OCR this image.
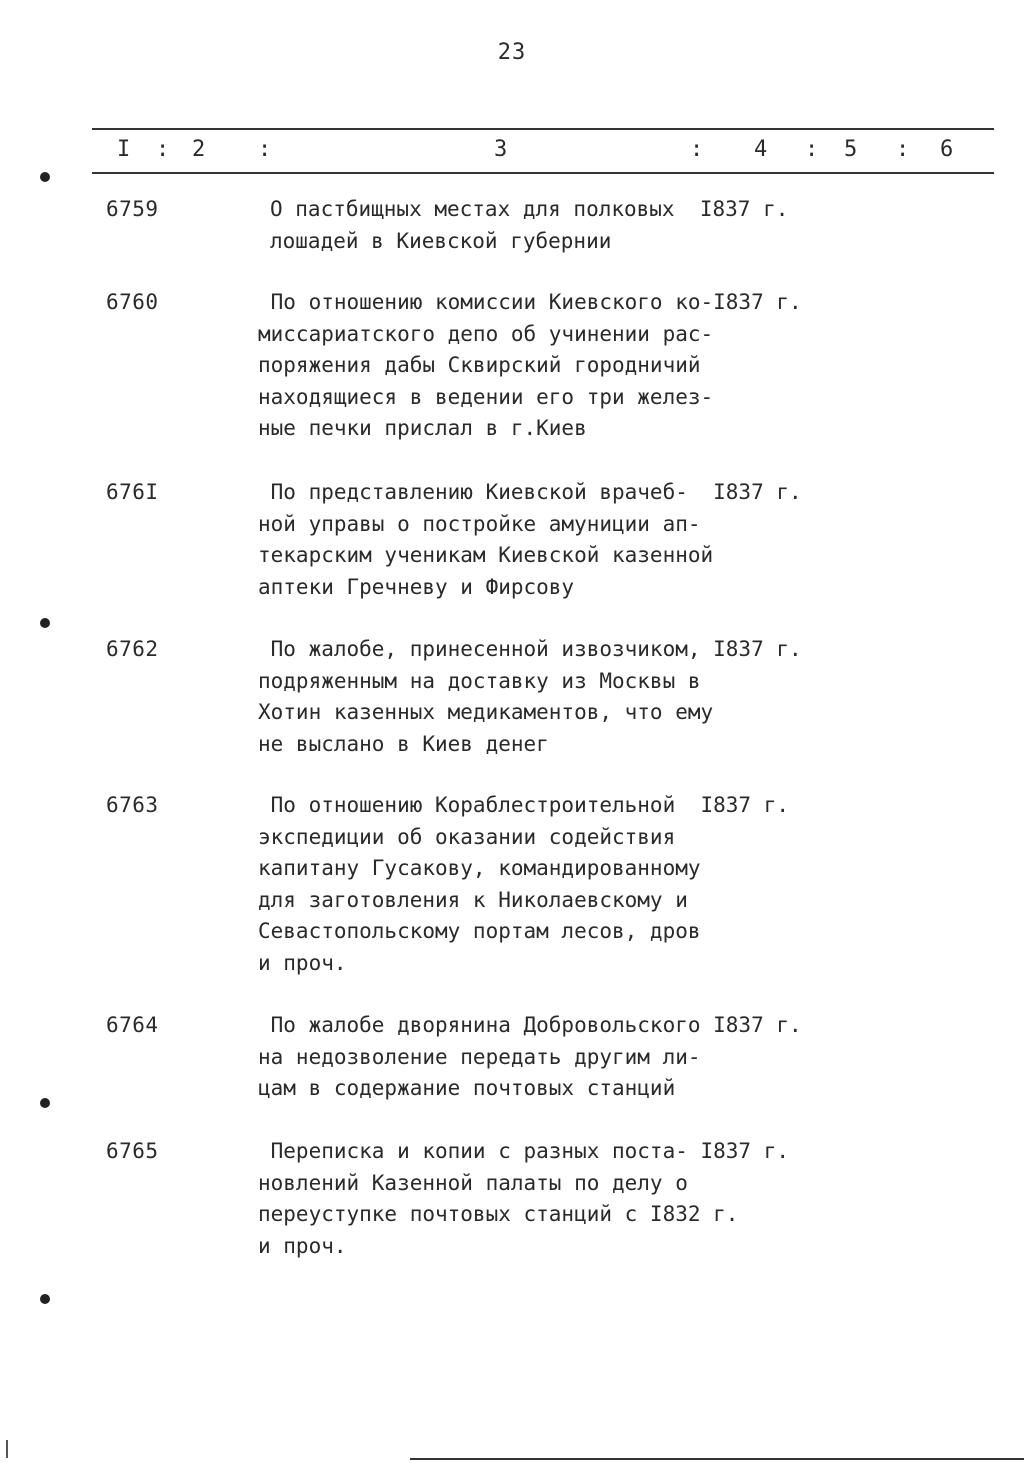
23
I : 2 :	3	: 4 : 5 : 6
6759	О пастбищных местах для полковых  I837 г.
лошадей в Киевской губернии
6760	По отношению комиссии Киевского ко-I837 г.
миссариатского депо об учинении рас-
поряжения дабы Сквирский городничий
находящиеся в ведении его три желез-
ные печки прислал в г.Киев
676I	По представлению Киевской врачеб-  I837 г.
ной управы о постройке амуниции ап-
текарским ученикам Киевской казенной
аптеки Гречневу и Фирсову
6762	По жалобе, принесенной извозчиком, I837 г.
подряженным на доставку из Москвы в
Хотин казенных медикаментов, что ему
не выслано в Киев денег
6763	По отношению Кораблестроительной  I837 г.
экспедиции об оказании содействия
капитану Гусакову, командированному
для заготовления к Николаевскому и
Севастопольскому портам лесов, дров
и проч.
6764	По жалобе дворянина Добровольского I837 г.
на недозволение передать другим ли-
цам в содержание почтовых станций
6765	Переписка и копии с разных поста- I837 г.
новлений Казенной палаты по делу о
переуступке почтовых станций с I832 г.
и проч.
